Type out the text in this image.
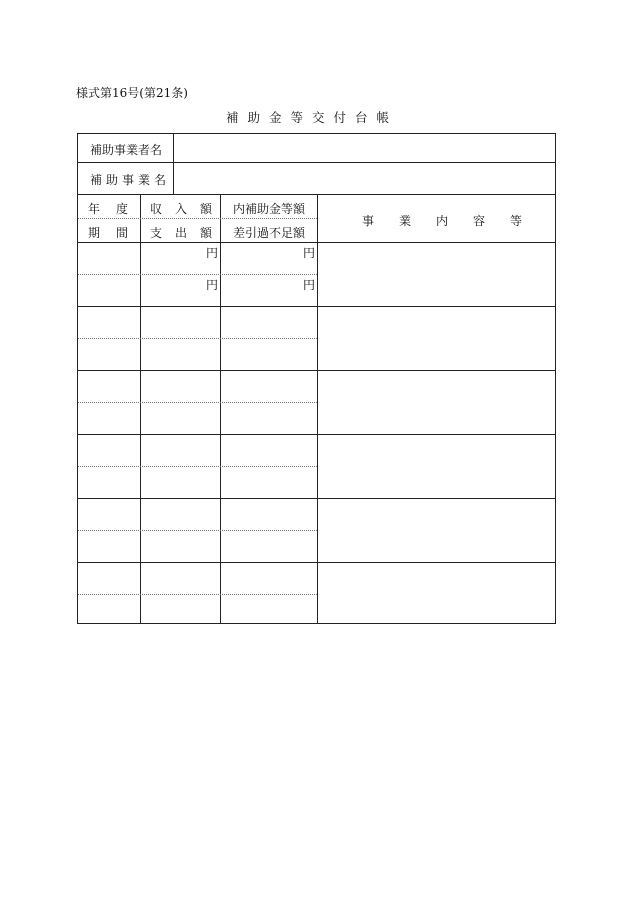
様式第16号(第21条)
補助金等交付台帳
補助事業者名
補助事業名
年度
期間
収入額
支出額
内補助金等額
差引過不足額
事業内容等
円	円
円	円
